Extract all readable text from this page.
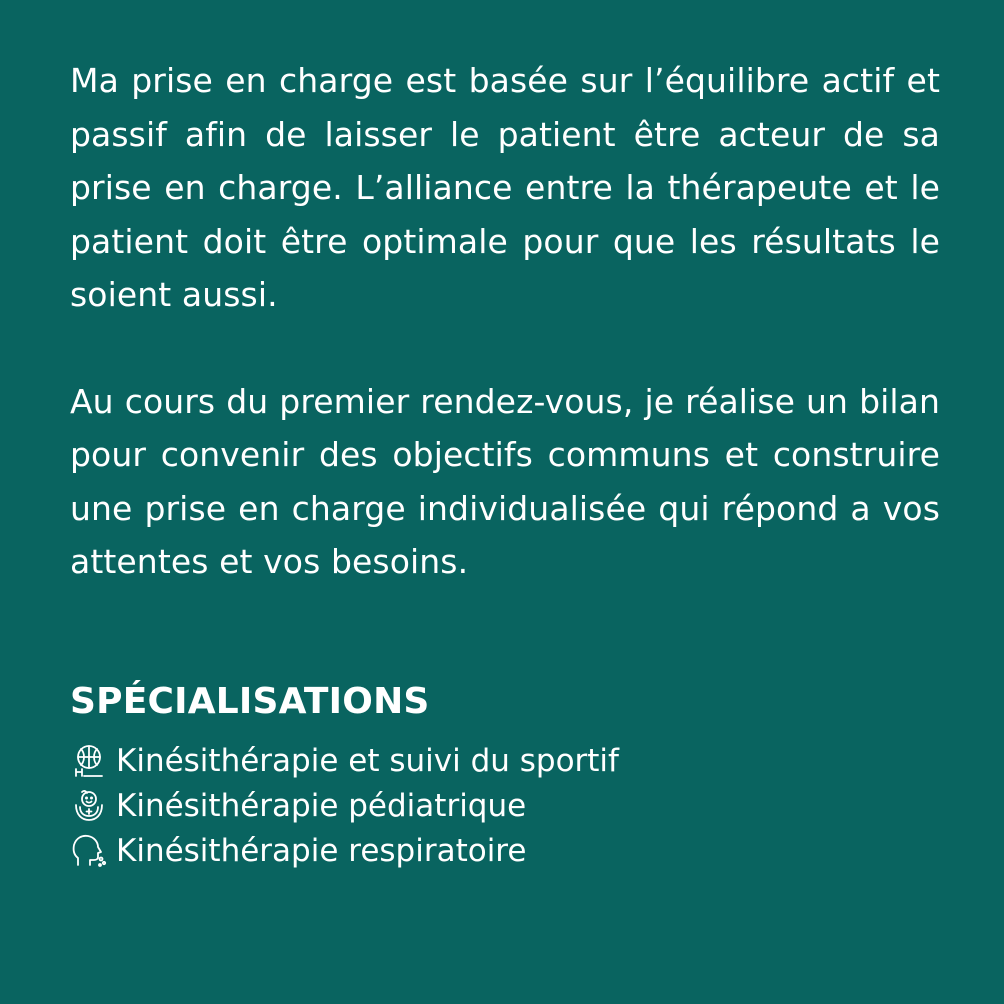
Ma prise en charge est basée sur l’équilibre actif et passif afin de laisser le patient être acteur de sa prise en charge. L’alliance entre la thérapeute et le patient doit être optimale pour que les résultats le soient aussi.

Au cours du premier rendez-vous, je réalise un bilan pour convenir des objectifs communs et construire une prise en charge individualisée qui répond a vos attentes et vos besoins.

SPÉCIALISATIONS
Kinésithérapie et suivi du sportif
Kinésithérapie pédiatrique
Kinésithérapie respiratoire
